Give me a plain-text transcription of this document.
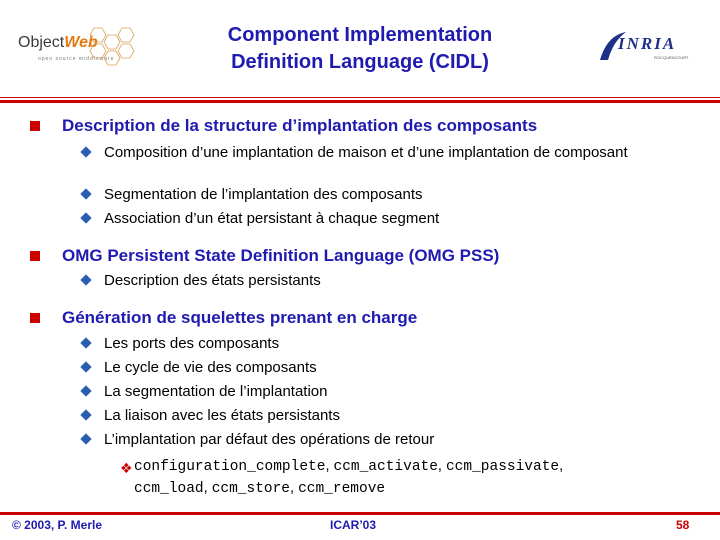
ObjectWeb
open source middleware
INRIA
ROCQUENCOURT
Component Implementation
Definition Language (CIDL)
Description de la structure d’implantation des composants
Composition d’une implantation de maison et d’une implantation de composant
Segmentation de l’implantation des composants
Association d’un état persistant à chaque segment
OMG Persistent State Definition Language (OMG PSS)
Description des états persistants
Génération de squelettes prenant en charge
Les ports des composants
Le cycle de vie des composants
La segmentation de l’implantation
La liaison avec les états persistants
L’implantation par défaut des opérations de retour
❖ configuration_complete, ccm_activate, ccm_passivate,
ccm_load, ccm_store, ccm_remove
© 2003, P. Merle	ICAR’03	58
